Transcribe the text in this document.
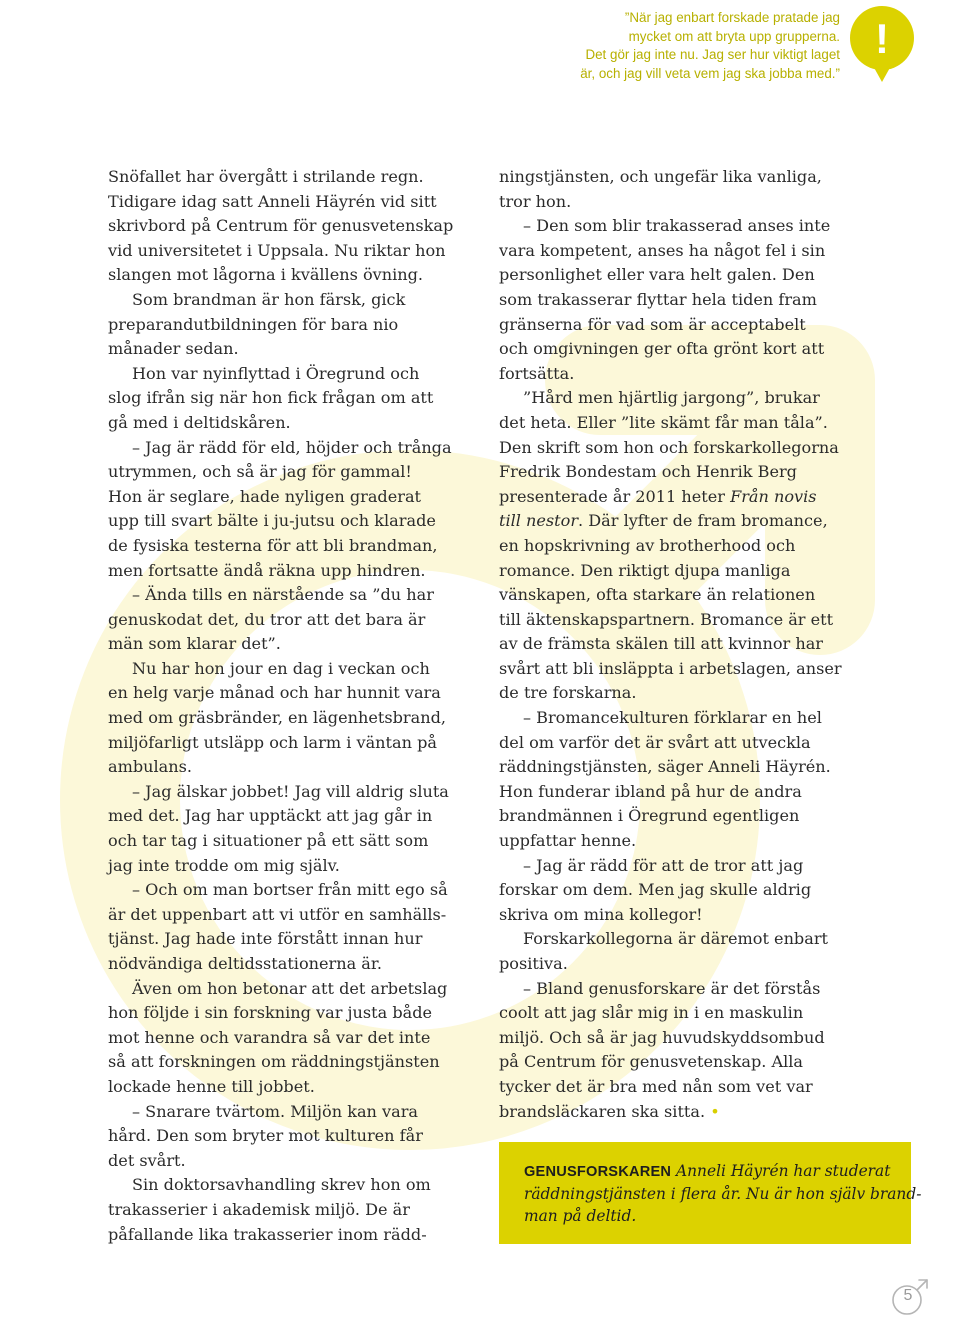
”När jag enbart forskade pratade jag
mycket om att bryta upp grupperna.
Det gör jag inte nu. Jag ser hur viktigt laget
är, och jag vill veta vem jag ska jobba med.”
!
Snöfallet har övergått i strilande regn.
Tidigare idag satt Anneli Häyrén vid sitt
skrivbord på Centrum för genusvetenskap
vid universitetet i Uppsala. Nu riktar hon
slangen mot lågorna i kvällens övning.
Som brandman är hon färsk, gick
preparandutbildningen för bara nio
månader sedan.
Hon var nyinflyttad i Öregrund och
slog ifrån sig när hon fick frågan om att
gå med i deltidskåren.
– Jag är rädd för eld, höjder och trånga
utrymmen, och så är jag för gammal!
Hon är seglare, hade nyligen graderat
upp till svart bälte i ju-jutsu och klarade
de fysiska testerna för att bli brandman,
men fortsatte ändå räkna upp hindren.
– Ända tills en närstående sa ”du har
genuskodat det, du tror att det bara är
män som klarar det”.
Nu har hon jour en dag i veckan och
en helg varje månad och har hunnit vara
med om gräsbränder, en lägenhetsbrand,
miljöfarligt utsläpp och larm i väntan på
ambulans.
– Jag älskar jobbet! Jag vill aldrig sluta
med det. Jag har upptäckt att jag går in
och tar tag i situationer på ett sätt som
jag inte trodde om mig själv.
– Och om man bortser från mitt ego så
är det uppenbart att vi utför en samhälls-
tjänst. Jag hade inte förstått innan hur
nödvändiga deltidsstationerna är.
Även om hon betonar att det arbetslag
hon följde i sin forskning var justa både
mot henne och varandra så var det inte
så att forskningen om räddningstjänsten
lockade henne till jobbet.
– Snarare tvärtom. Miljön kan vara
hård. Den som bryter mot kulturen får
det svårt.
Sin doktorsavhandling skrev hon om
trakasserier i akademisk miljö. De är
påfallande lika trakasserier inom rädd-
ningstjänsten, och ungefär lika vanliga,
tror hon.
– Den som blir trakasserad anses inte
vara kompetent, anses ha något fel i sin
personlighet eller vara helt galen. Den
som trakasserar flyttar hela tiden fram
gränserna för vad som är acceptabelt
och omgivningen ger ofta grönt kort att
fortsätta.
”Hård men hjärtlig jargong”, brukar
det heta. Eller ”lite skämt får man tåla”.
Den skrift som hon och forskarkollegorna
Fredrik Bondestam och Henrik Berg
presenterade år 2011 heter Från novis
till nestor. Där lyfter de fram bromance,
en hopskrivning av brotherhood och
romance. Den riktigt djupa manliga
vänskapen, ofta starkare än relationen
till äktenskapspartnern. Bromance är ett
av de främsta skälen till att kvinnor har
svårt att bli insläppta i arbetslagen, anser
de tre forskarna.
– Bromancekulturen förklarar en hel
del om varför det är svårt att utveckla
räddningstjänsten, säger Anneli Häyrén.
Hon funderar ibland på hur de andra
brandmännen i Öregrund egentligen
uppfattar henne.
– Jag är rädd för att de tror att jag
forskar om dem. Men jag skulle aldrig
skriva om mina kollegor!
Forskarkollegorna är däremot enbart
positiva.
– Bland genusforskare är det förstås
coolt att jag slår mig in i en maskulin
miljö. Och så är jag huvudskyddsombud
på Centrum för genusvetenskap. Alla
tycker det är bra med nån som vet var
brandsläckaren ska sitta. •
GENUSFORSKAREN Anneli Häyrén har studerat
räddningstjänsten i flera år. Nu är hon själv brand-
man på deltid.
5
